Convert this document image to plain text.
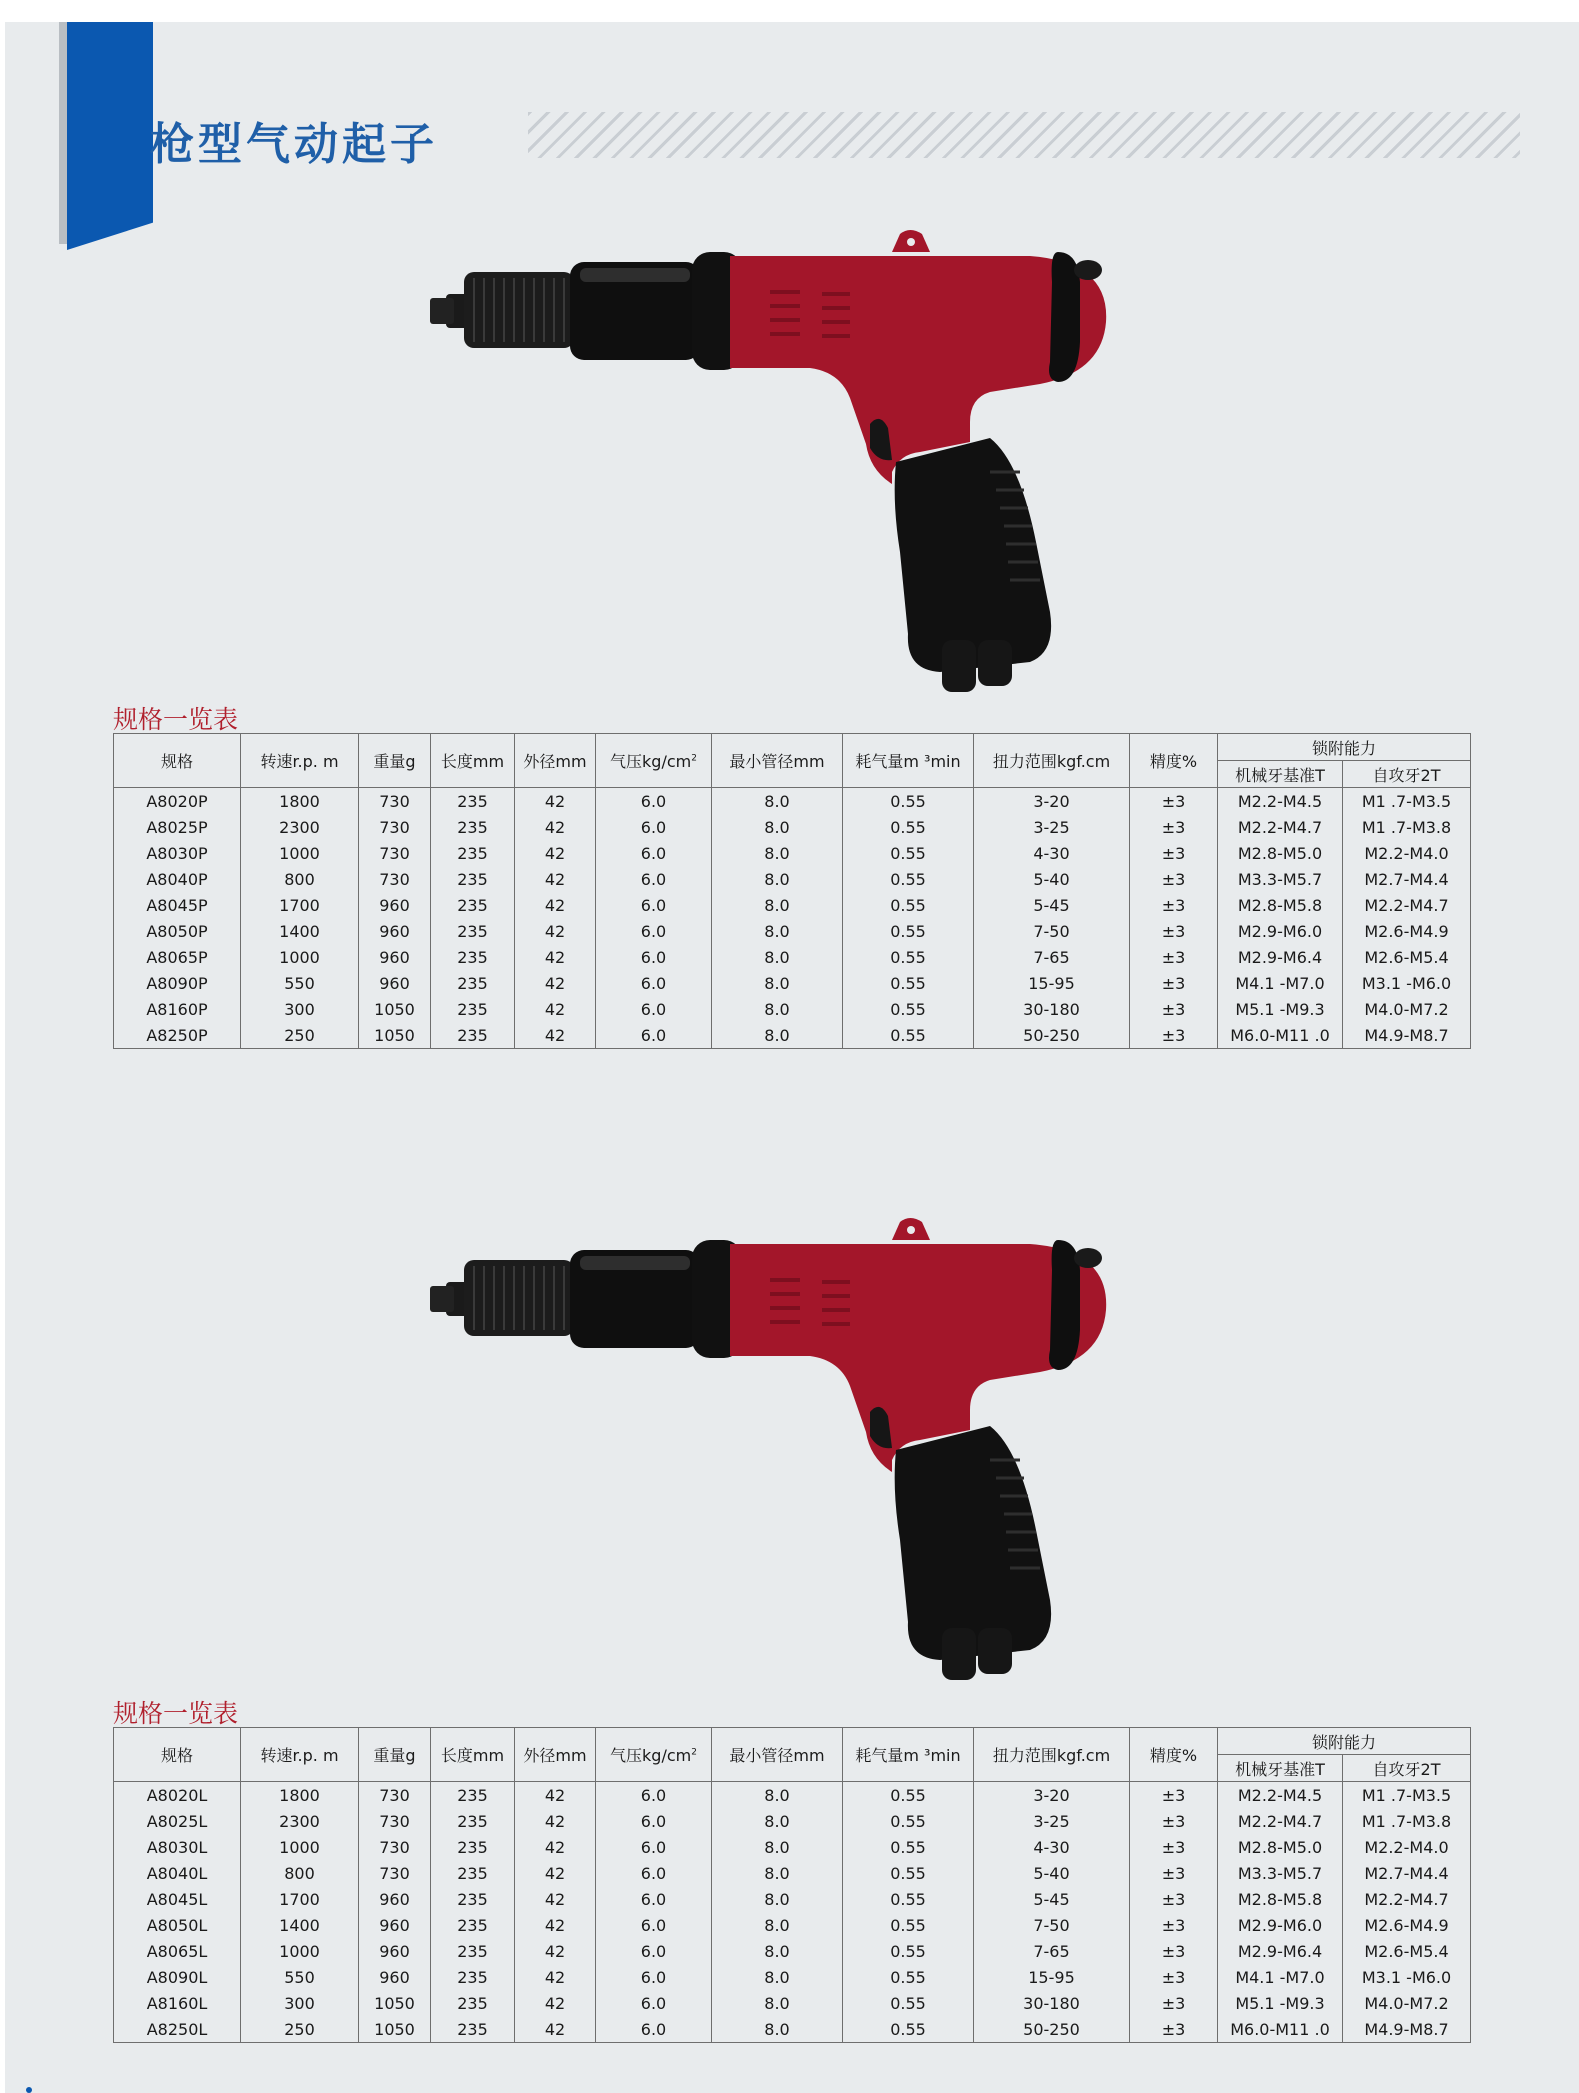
枪型气动起子
规格一览表
规格	转速r.p. m	重量g	长度mm	外径mm	气压$kg/cm^2$	最小管径mm	耗气量m ³min	扭力范围kgf.cm	精度%	锁附能力	
										机械牙基准T	自攻牙2T
A8020P	1800	730	235	42	6.0	8.0	0.55	3-20	±3	M2.2-M4.5	M1 .7-M3.5
A8025P	2300	730	235	42	6.0	8.0	0.55	3-25	±3	M2.2-M4.7	M1 .7-M3.8
A8030P	1000	730	235	42	6.0	8.0	0.55	4-30	±3	M2.8-M5.0	M2.2-M4.0
A8040P	800	730	235	42	6.0	8.0	0.55	5-40	±3	M3.3-M5.7	M2.7-M4.4
A8045P	1700	960	235	42	6.0	8.0	0.55	5-45	±3	M2.8-M5.8	M2.2-M4.7
A8050P	1400	960	235	42	6.0	8.0	0.55	7-50	±3	M2.9-M6.0	M2.6-M4.9
A8065P	1000	960	235	42	6.0	8.0	0.55	7-65	±3	M2.9-M6.4	M2.6-M5.4
A8090P	550	960	235	42	6.0	8.0	0.55	15-95	±3	M4.1 -M7.0	M3.1 -M6.0
A8160P	300	1050	235	42	6.0	8.0	0.55	30-180	±3	M5.1 -M9.3	M4.0-M7.2
A8250P	250	1050	235	42	6.0	8.0	0.55	50-250	±3	M6.0-M11 .0	M4.9-M8.7
规格一览表
规格	转速r.p. m	重量g	长度mm	外径mm	气压$kg/cm^2$	最小管径mm	耗气量m ³min	扭力范围kgf.cm	精度%	锁附能力	
										机械牙基准T	自攻牙2T
A8020L	1800	730	235	42	6.0	8.0	0.55	3-20	±3	M2.2-M4.5	M1 .7-M3.5
A8025L	2300	730	235	42	6.0	8.0	0.55	3-25	±3	M2.2-M4.7	M1 .7-M3.8
A8030L	1000	730	235	42	6.0	8.0	0.55	4-30	±3	M2.8-M5.0	M2.2-M4.0
A8040L	800	730	235	42	6.0	8.0	0.55	5-40	±3	M3.3-M5.7	M2.7-M4.4
A8045L	1700	960	235	42	6.0	8.0	0.55	5-45	±3	M2.8-M5.8	M2.2-M4.7
A8050L	1400	960	235	42	6.0	8.0	0.55	7-50	±3	M2.9-M6.0	M2.6-M4.9
A8065L	1000	960	235	42	6.0	8.0	0.55	7-65	±3	M2.9-M6.4	M2.6-M5.4
A8090L	550	960	235	42	6.0	8.0	0.55	15-95	±3	M4.1 -M7.0	M3.1 -M6.0
A8160L	300	1050	235	42	6.0	8.0	0.55	30-180	±3	M5.1 -M9.3	M4.0-M7.2
A8250L	250	1050	235	42	6.0	8.0	0.55	50-250	±3	M6.0-M11 .0	M4.9-M8.7
